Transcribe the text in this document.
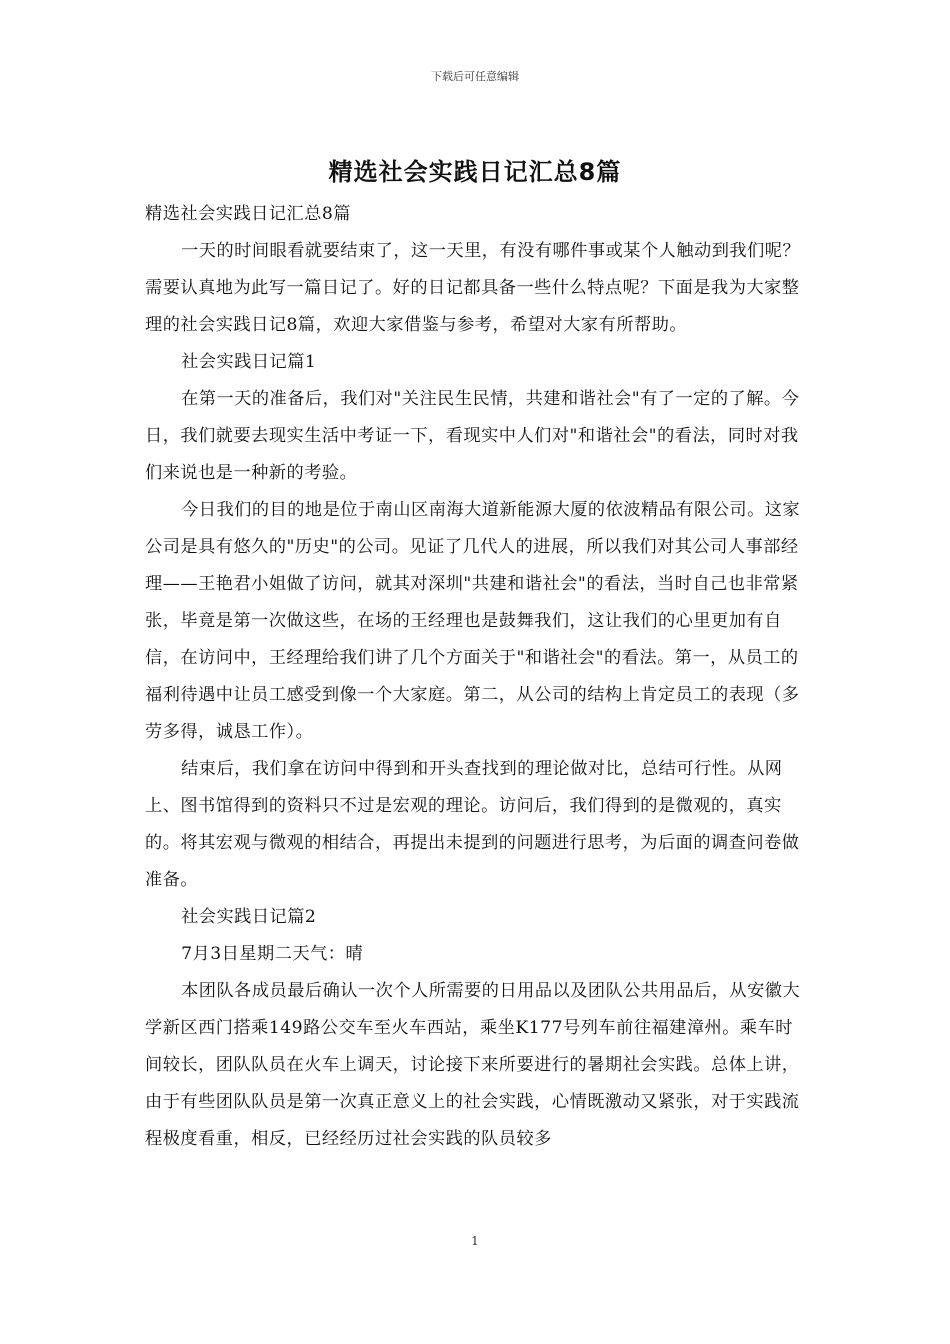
下载后可任意编辑
精选社会实践日记汇总8篇

精选社会实践日记汇总8篇

一天的时间眼看就要结束了，这一天里，有没有哪件事或某个人触动到我们呢？需要认真地为此写一篇日记了。好的日记都具备一些什么特点呢？下面是我为大家整理的社会实践日记8篇，欢迎大家借鉴与参考，希望对大家有所帮助。

社会实践日记篇1

在第一天的准备后，我们对"关注民生民情，共建和谐社会"有了一定的了解。今日，我们就要去现实生活中考证一下，看现实中人们对"和谐社会"的看法，同时对我们来说也是一种新的考验。

今日我们的目的地是位于南山区南海大道新能源大厦的依波精品有限公司。这家公司是具有悠久的"历史"的公司。见证了几代人的进展，所以我们对其公司人事部经理——王艳君小姐做了访问，就其对深圳"共建和谐社会"的看法，当时自己也非常紧张，毕竟是第一次做这些，在场的王经理也是鼓舞我们，这让我们的心里更加有自信，在访问中，王经理给我们讲了几个方面关于"和谐社会"的看法。第一，从员工的福利待遇中让员工感受到像一个大家庭。第二，从公司的结构上肯定员工的表现（多劳多得，诚恳工作）。

结束后，我们拿在访问中得到和开头查找到的理论做对比，总结可行性。从网上、图书馆得到的资料只不过是宏观的理论。访问后，我们得到的是微观的，真实的。将其宏观与微观的相结合，再提出未提到的问题进行思考，为后面的调查问卷做准备。

社会实践日记篇2

7月3日星期二天气：晴

本团队各成员最后确认一次个人所需要的日用品以及团队公共用品后，从安徽大学新区西门搭乘149路公交车至火车西站，乘坐K177号列车前往福建漳州。乘车时间较长，团队队员在火车上调天，讨论接下来所要进行的暑期社会实践。总体上讲，由于有些团队队员是第一次真正意义上的社会实践，心情既激动又紧张，对于实践流程极度看重，相反，已经经历过社会实践的队员较多

1
